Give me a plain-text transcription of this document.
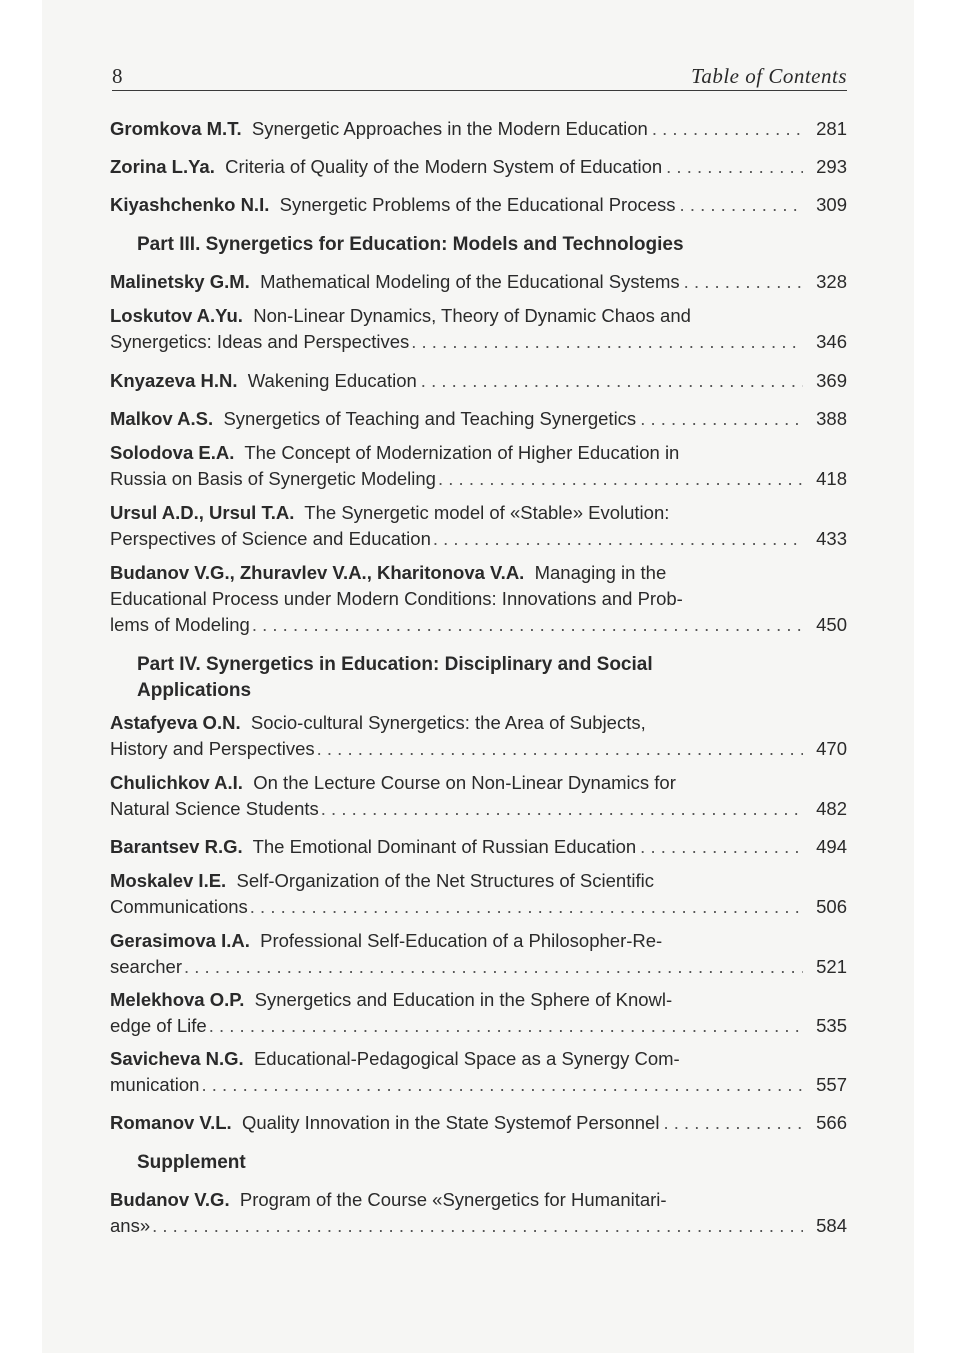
8	Table of Contents
Gromkova M.T. Synergetic Approaches in the Modern Education . . .	281
Zorina L.Ya. Criteria of Quality of the Modern System of Education . . .	293
Kiyashchenko N.I. Synergetic Problems of the Educational Process . . .	309
Part III. Synergetics for Education: Models and Technologies
Malinetsky G.M. Mathematical Modeling of the Educational Systems . . .	328
Loskutov A.Yu. Non-Linear Dynamics, Theory of Dynamic Chaos and
Synergetics: Ideas and Perspectives . . .	346
Knyazeva H.N. Wakening Education . . .	369
Malkov A.S. Synergetics of Teaching and Teaching Synergetics . . .	388
Solodova E.A. The Concept of Modernization of Higher Education in
Russia on Basis of Synergetic Modeling . . .	418
Ursul A.D., Ursul T.A. The Synergetic model of «Stable» Evolution:
Perspectives of Science and Education . . .	433
Budanov V.G., Zhuravlev V.A., Kharitonova V.A. Managing in the
Educational Process under Modern Conditions: Innovations and Prob-
lems of Modeling . . .	450
Part IV. Synergetics in Education: Disciplinary and Social
Applications
Astafyeva O.N. Socio-cultural Synergetics: the Area of Subjects,
History and Perspectives . . .	470
Chulichkov A.I. On the Lecture Course on Non-Linear Dynamics for
Natural Science Students . . .	482
Barantsev R.G. The Emotional Dominant of Russian Education . . .	494
Moskalev I.E. Self-Organization of the Net Structures of Scientific
Communications . . .	506
Gerasimova I.A. Professional Self-Education of a Philosopher-Re-
searcher . . .	521
Melekhova O.P. Synergetics and Education in the Sphere of Knowl-
edge of Life . . .	535
Savicheva N.G. Educational-Pedagogical Space as a Synergy Com-
munication . . .	557
Romanov V.L. Quality Innovation in the State Systemof Personnel . . .	566
Supplement
Budanov V.G. Program of the Course «Synergetics for Humanitari-
ans» . . .	584
